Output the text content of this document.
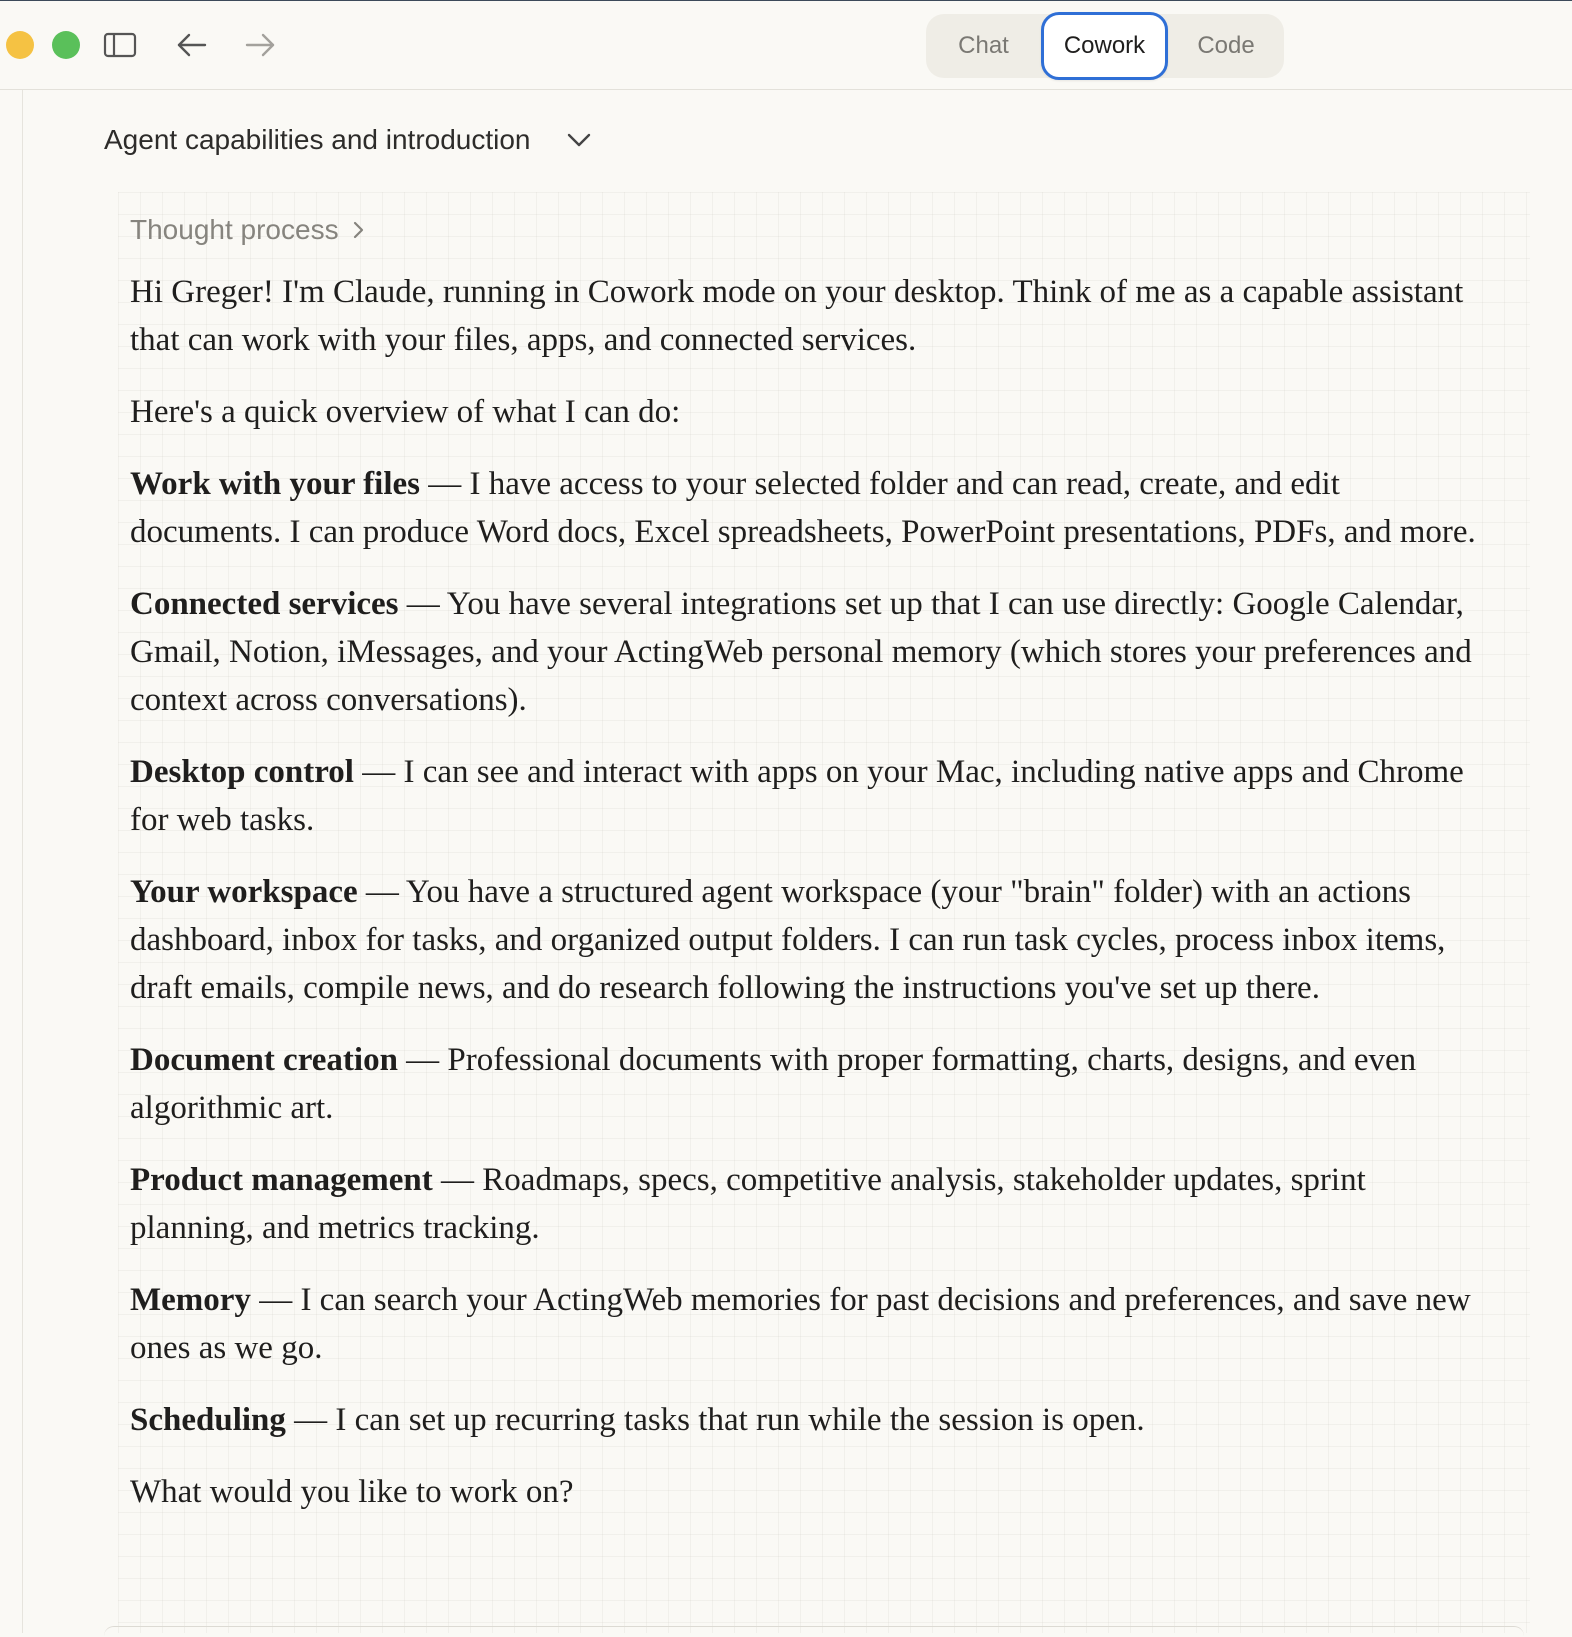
Chat	Cowork	Code
Agent capabilities and introduction
Thought process

Hi Greger! I'm Claude, running in Cowork mode on your desktop. Think of me as a capable assistant that can work with your files, apps, and connected services.

Here's a quick overview of what I can do:

Work with your files — I have access to your selected folder and can read, create, and edit documents. I can produce Word docs, Excel spreadsheets, PowerPoint presentations, PDFs, and more.

Connected services — You have several integrations set up that I can use directly: Google Calendar, Gmail, Notion, iMessages, and your ActingWeb personal memory (which stores your preferences and context across conversations).

Desktop control — I can see and interact with apps on your Mac, including native apps and Chrome for web tasks.

Your workspace — You have a structured agent workspace (your "brain" folder) with an actions dashboard, inbox for tasks, and organized output folders. I can run task cycles, process inbox items, draft emails, compile news, and do research following the instructions you've set up there.

Document creation — Professional documents with proper formatting, charts, designs, and even algorithmic art.

Product management — Roadmaps, specs, competitive analysis, stakeholder updates, sprint planning, and metrics tracking.

Memory — I can search your ActingWeb memories for past decisions and preferences, and save new ones as we go.

Scheduling — I can set up recurring tasks that run while the session is open.

What would you like to work on?
